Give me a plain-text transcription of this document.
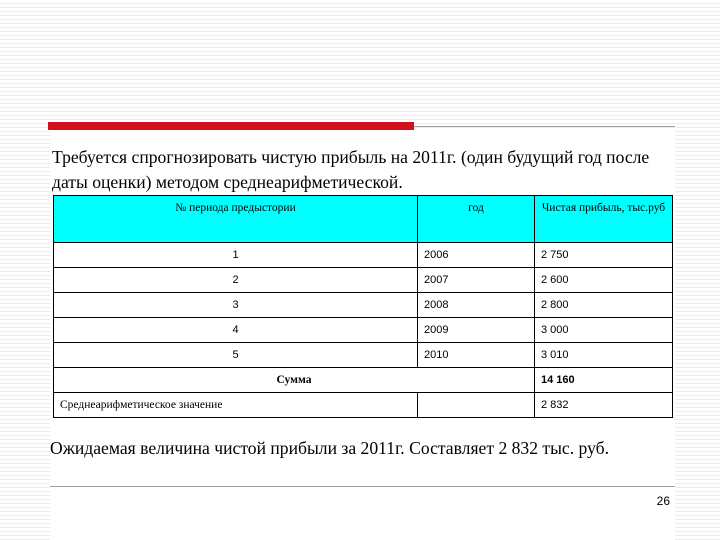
Требуется спрогнозировать чистую прибыль на 2011г. (один будущий год после даты оценки) методом среднеарифметической.

№ периода предыстории	год	Чистая прибыль, тыс.руб
1	2006	2 750
2	2007	2 600
3	2008	2 800
4	2009	3 000
5	2010	3 010
Сумма		14 160
Среднеарифметическое значение		2 832

Ожидаемая величина чистой прибыли за 2011г. Составляет 2 832 тыс. руб.

26
